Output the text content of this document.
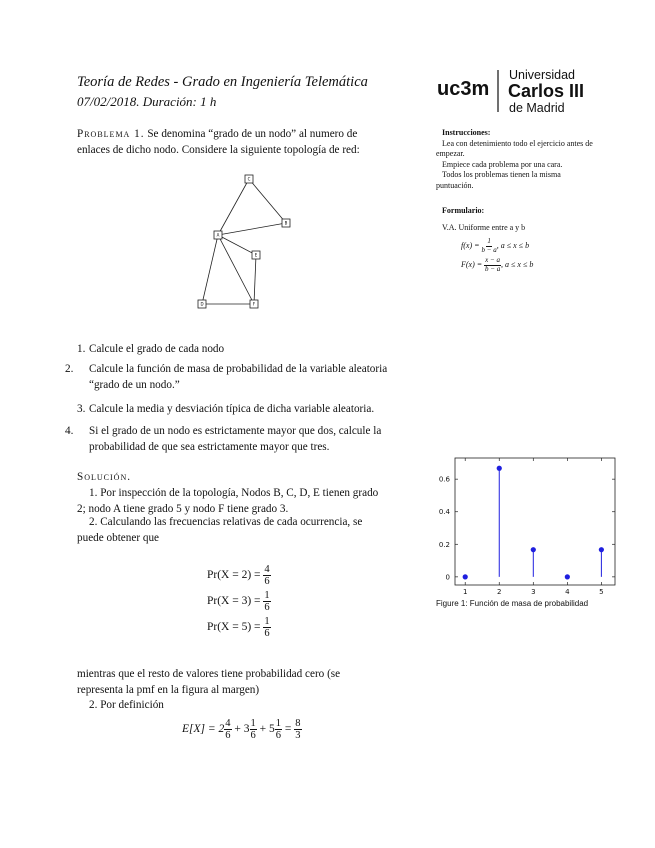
Teoría de Redes - Grado en Ingeniería Telemática
07/02/2018. Duración: 1 h
uc3m
Universidad
Carlos III
de Madrid
Problema 1. Se denomina “grado de un nodo” al numero de enlaces de dicho nodo. Considere la siguiente topología de red:
A
B
C
D
E
F
1. Calcule el grado de cada nodo
2. Calcule la función de masa de probabilidad de la variable aleatoria “grado de un nodo.”
3. Calcule la media y desviación típica de dicha variable aleatoria.
4. Si el grado de un nodo es estrictamente mayor que dos, calcule la probabilidad de que sea estrictamente mayor que tres.
Solución.
1. Por inspección de la topología, Nodos B, C, D, E tienen grado 2; nodo A tiene grado 5 y nodo F tiene grado 3.
2. Calculando las frecuencias relativas de cada ocurrencia, se puede obtener que
$Pr(X = 2) = \frac{4}{6}$
$Pr(X = 3) = \frac{1}{6}$
$Pr(X = 5) = \frac{1}{6}$
mientras que el resto de valores tiene probabilidad cero (se representa la pmf en la figura al margen)
2. Por definición
$E[X] = 2 \frac{4}{6} + 3 \frac{1}{6} + 5 \frac{1}{6} = \frac{8}{3}$
Instrucciones:
Lea con detenimiento todo el ejercicio antes de empezar.
Empiece cada problema por una cara.
Todos los problemas tienen la misma puntuación.
Formulario:
V.A. Uniforme entre a y b
$f(x) = \frac{1}{b - a}$ , a ≤ x ≤ b
$F(x) = \frac{x - a}{b - a}$ , a ≤ x ≤ b
0
0.2
0.4
0.6
1	2	3	4	5
Figure 1: Función de masa de probabilidad
